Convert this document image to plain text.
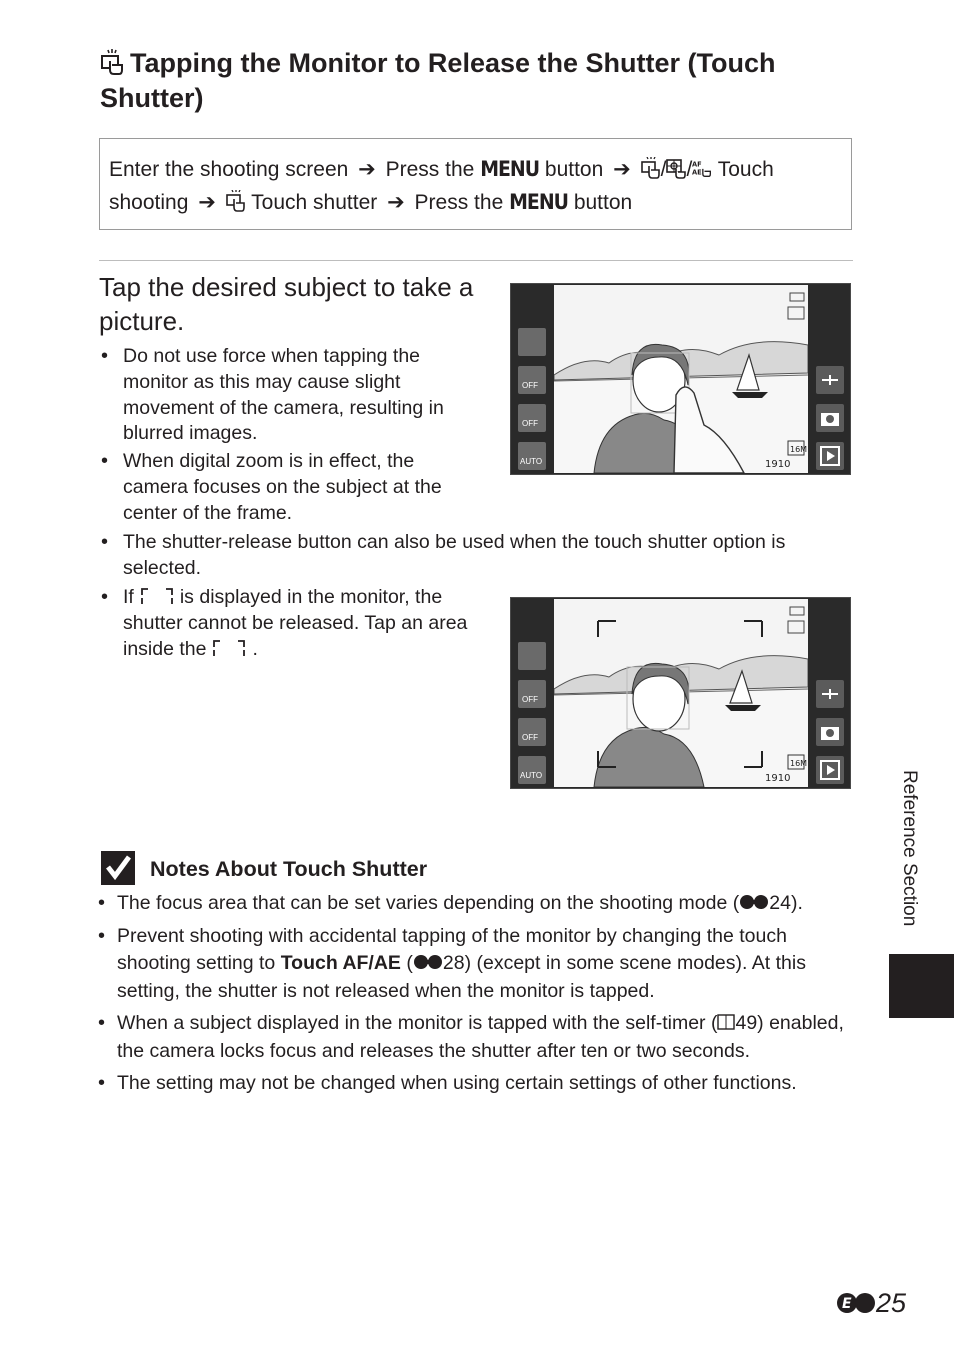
Tapping the Monitor to Release the Shutter (Touch Shutter)
Enter the shooting screen ➔ Press the MENU button ➔ / / AF
AE Touch
shooting ➔ Touch shutter ➔ Press the MENU button
Tap the desired subject to take a picture.
• Do not use force when tapping the monitor as this may cause slight movement of the camera, resulting in blurred images.
• When digital zoom is in effect, the camera focuses on the subject at the center of the frame.
• The shutter-release button can also be used when the touch shutter option is selected.
• If is displayed in the monitor, the shutter cannot be released. Tap an area inside the .
16M
1910
OFF
OFF
AUTO
16M
1910
OFF
OFF
AUTO
Notes About Touch Shutter
• The focus area that can be set varies depending on the shooting mode ( 24).
• Prevent shooting with accidental tapping of the monitor by changing the touch shooting setting to Touch AF/AE ( 28) (except in some scene modes). At this setting, the shutter is not released when the monitor is tapped.
• When a subject displayed in the monitor is tapped with the self-timer ( 49) enabled, the camera locks focus and releases the shutter after ten or two seconds.
• The setting may not be changed when using certain settings of other functions.
Reference Section
E 25
